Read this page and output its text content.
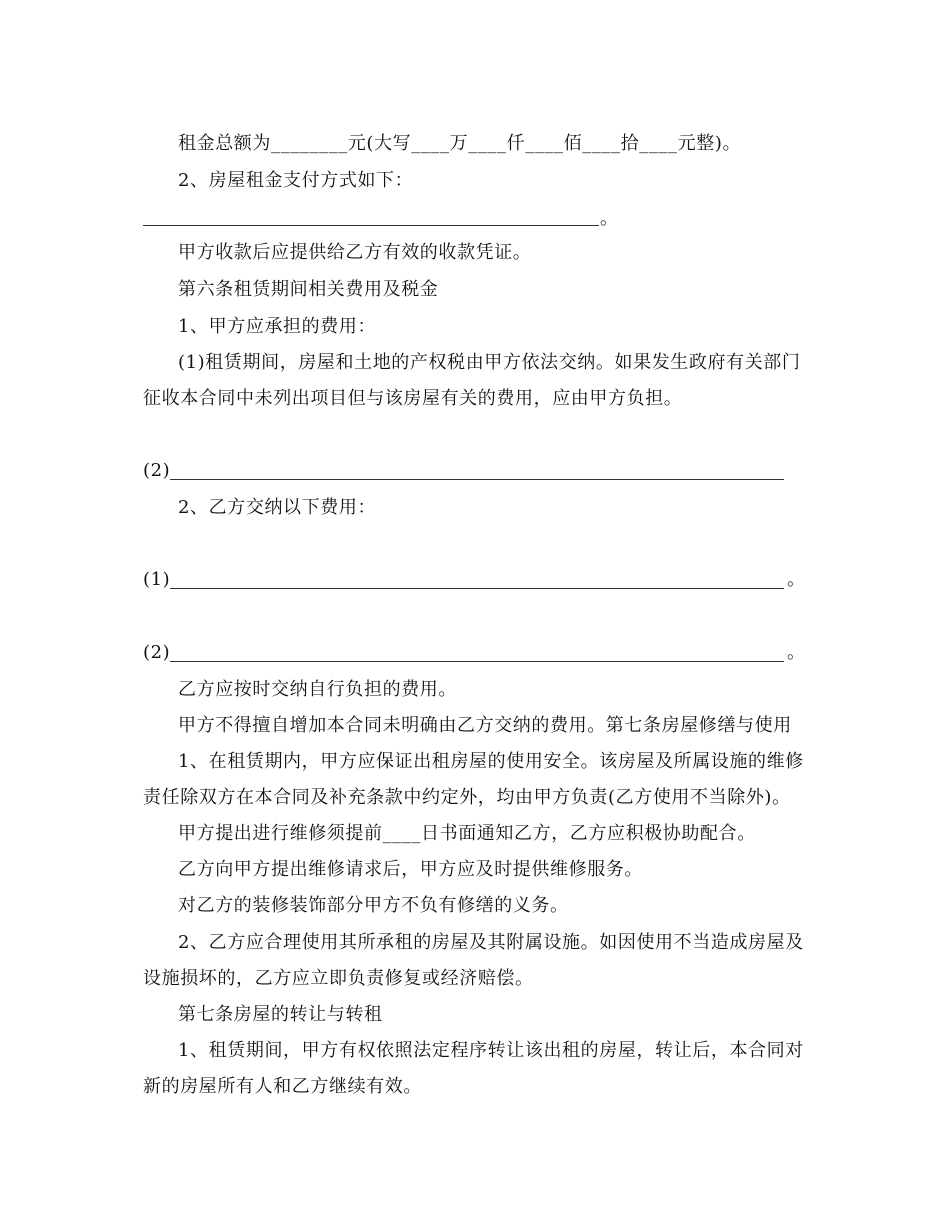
租金总额为________元(大写____万____仟____佰____拾____元整)。
2、房屋租金支付方式如下：
。
甲方收款后应提供给乙方有效的收款凭证。
第六条租赁期间相关费用及税金
1、甲方应承担的费用：
(1)租赁期间，房屋和土地的产权税由甲方依法交纳。如果发生政府有关部门
征收本合同中未列出项目但与该房屋有关的费用，应由甲方负担。
(2)
2、乙方交纳以下费用：
(1)	。
(2)	。
乙方应按时交纳自行负担的费用。
甲方不得擅自增加本合同未明确由乙方交纳的费用。第七条房屋修缮与使用
1、在租赁期内，甲方应保证出租房屋的使用安全。该房屋及所属设施的维修
责任除双方在本合同及补充条款中约定外，均由甲方负责(乙方使用不当除外)。
甲方提出进行维修须提前____日书面通知乙方，乙方应积极协助配合。
乙方向甲方提出维修请求后，甲方应及时提供维修服务。
对乙方的装修装饰部分甲方不负有修缮的义务。
2、乙方应合理使用其所承租的房屋及其附属设施。如因使用不当造成房屋及
设施损坏的，乙方应立即负责修复或经济赔偿。
第七条房屋的转让与转租
1、租赁期间，甲方有权依照法定程序转让该出租的房屋，转让后，本合同对
新的房屋所有人和乙方继续有效。
